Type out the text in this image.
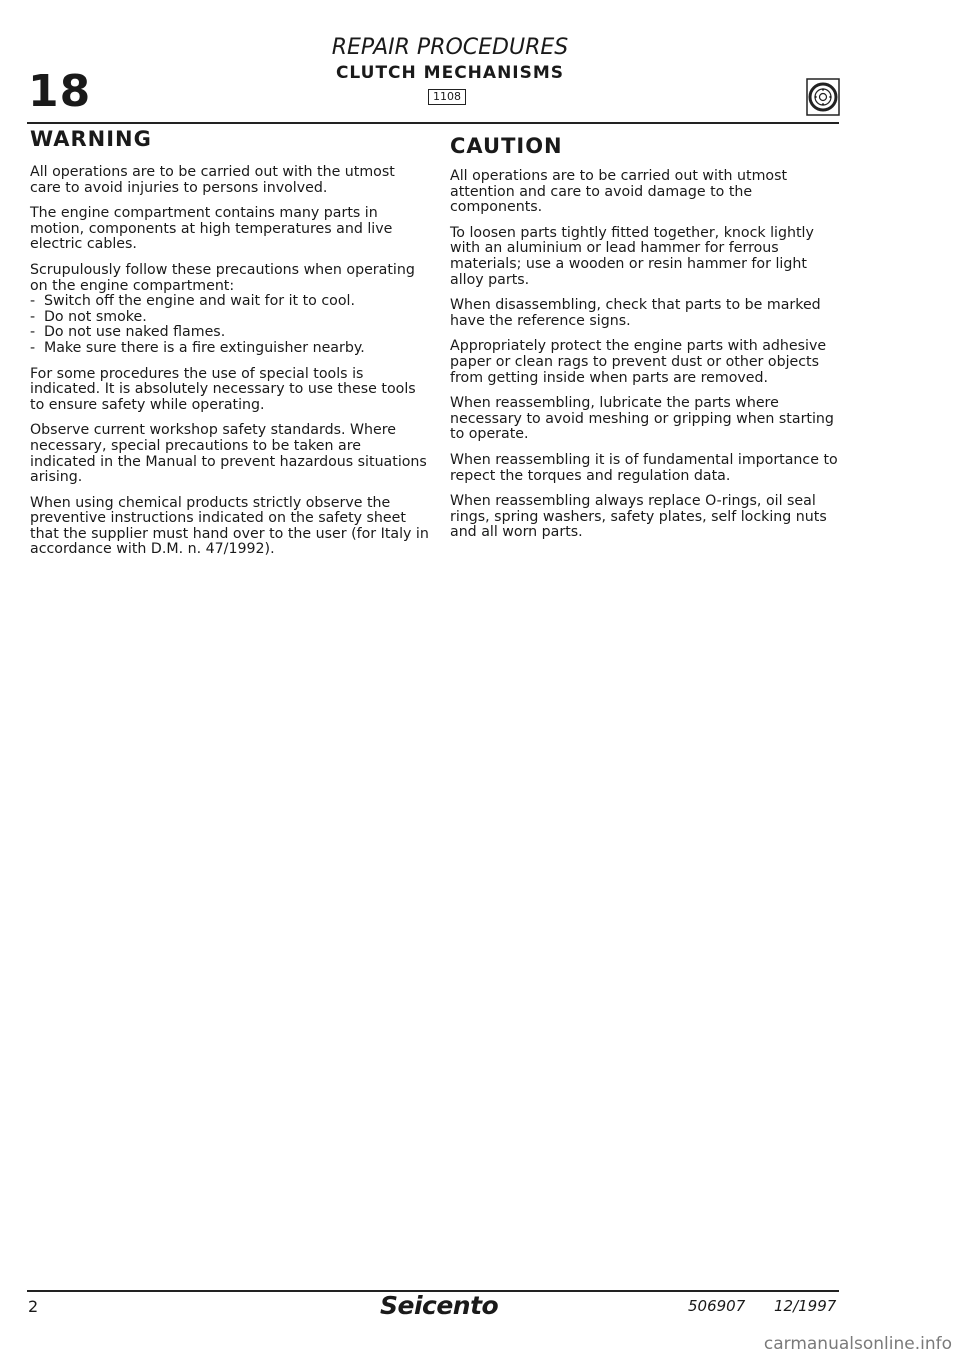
18
REPAIR PROCEDURES
CLUTCH MECHANISMS
1108
WARNING

All operations are to be carried out with the utmost care to avoid injuries to persons involved.

The engine compartment contains many parts in motion, components at high temperatures and live electric cables.

Scrupulously follow these precautions when operating on the engine compartment:

- Switch off the engine and wait for it to cool.
- Do not smoke.
- Do not use naked flames.
- Make sure there is a fire extinguisher nearby.

For some procedures the use of special tools is indicated. It is absolutely necessary to use these tools to ensure safety while operating.

Observe current workshop safety standards. Where necessary, special precautions to be taken are indicated in the Manual to prevent hazardous situations arising.

When using chemical products strictly observe the preventive instructions indicated on the safety sheet that the supplier must hand over to the user (for Italy in accordance with D.M. n. 47/1992).

CAUTION

All operations are to be carried out with utmost attention and care to avoid damage to the components.

To loosen parts tightly fitted together, knock lightly with an aluminium or lead hammer for ferrous materials; use a wooden or resin hammer for light alloy parts.

When disassembling, check that parts to be marked have the reference signs.

Appropriately protect the engine parts with adhesive paper or clean rags to prevent dust or other objects from getting inside when parts are removed.

When reassembling, lubricate the parts where necessary to avoid meshing or gripping when starting to operate.

When reassembling it is of fundamental importance to repect the torques and regulation data.

When reassembling always replace O-rings, oil seal rings, spring washers, safety plates, self locking nuts and all worn parts.

2	Seicento	506907 12/1997
carmanualsonline.info
